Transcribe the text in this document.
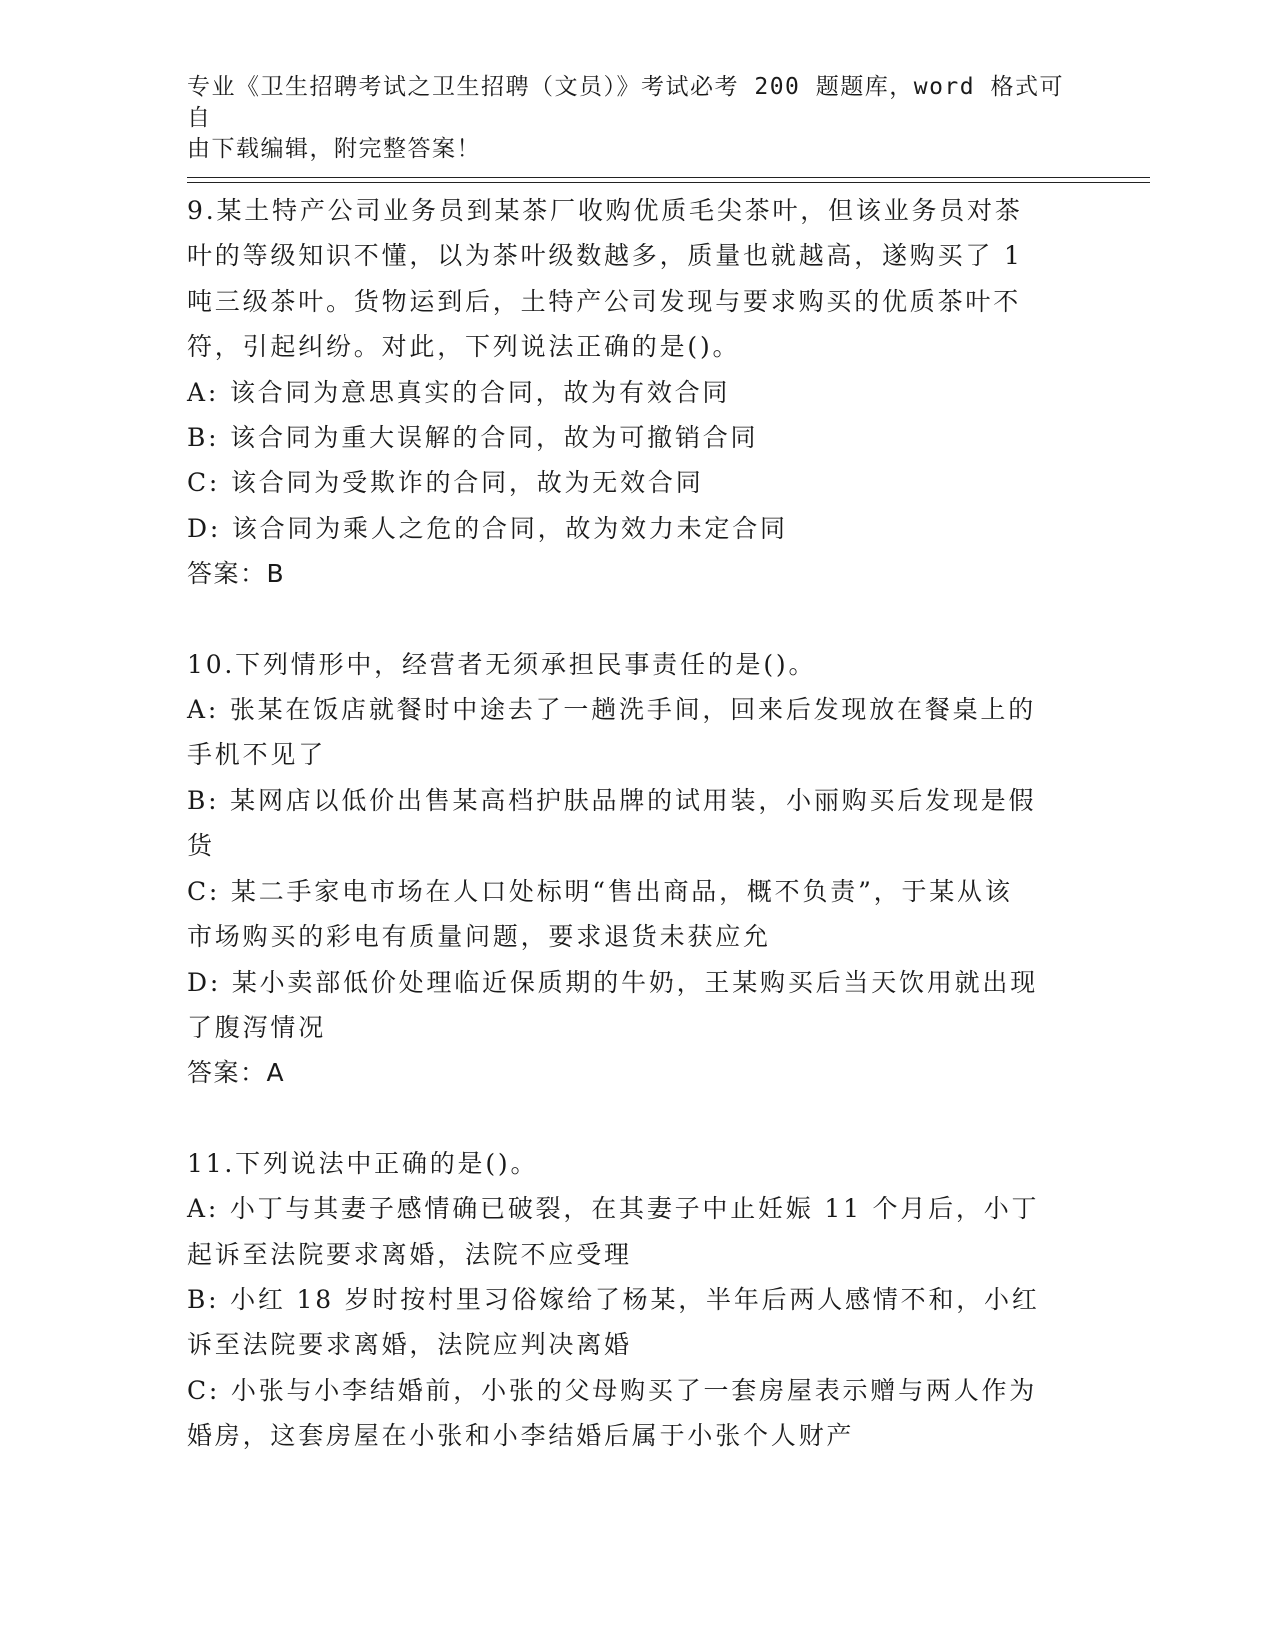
专业《卫生招聘考试之卫生招聘（文员）》考试必考 200 题题库，word 格式可自
由下载编辑，附完整答案！
9.某土特产公司业务员到某茶厂收购优质毛尖茶叶，但该业务员对茶
叶的等级知识不懂，以为茶叶级数越多，质量也就越高，遂购买了 1
吨三级茶叶。货物运到后，土特产公司发现与要求购买的优质茶叶不
符，引起纠纷。对此，下列说法正确的是()。
A: 该合同为意思真实的合同，故为有效合同
B: 该合同为重大误解的合同，故为可撤销合同
C: 该合同为受欺诈的合同，故为无效合同
D: 该合同为乘人之危的合同，故为效力未定合同
答案：B
10.下列情形中，经营者无须承担民事责任的是()。
A: 张某在饭店就餐时中途去了一趟洗手间，回来后发现放在餐桌上的
手机不见了
B: 某网店以低价出售某高档护肤品牌的试用装，小丽购买后发现是假
货
C: 某二手家电市场在人口处标明“售出商品，概不负责”，于某从该
市场购买的彩电有质量问题，要求退货未获应允
D: 某小卖部低价处理临近保质期的牛奶，王某购买后当天饮用就出现
了腹泻情况
答案：A
11.下列说法中正确的是()。
A: 小丁与其妻子感情确已破裂，在其妻子中止妊娠 11 个月后，小丁
起诉至法院要求离婚，法院不应受理
B: 小红 18 岁时按村里习俗嫁给了杨某，半年后两人感情不和，小红
诉至法院要求离婚，法院应判决离婚
C: 小张与小李结婚前，小张的父母购买了一套房屋表示赠与两人作为
婚房，这套房屋在小张和小李结婚后属于小张个人财产
